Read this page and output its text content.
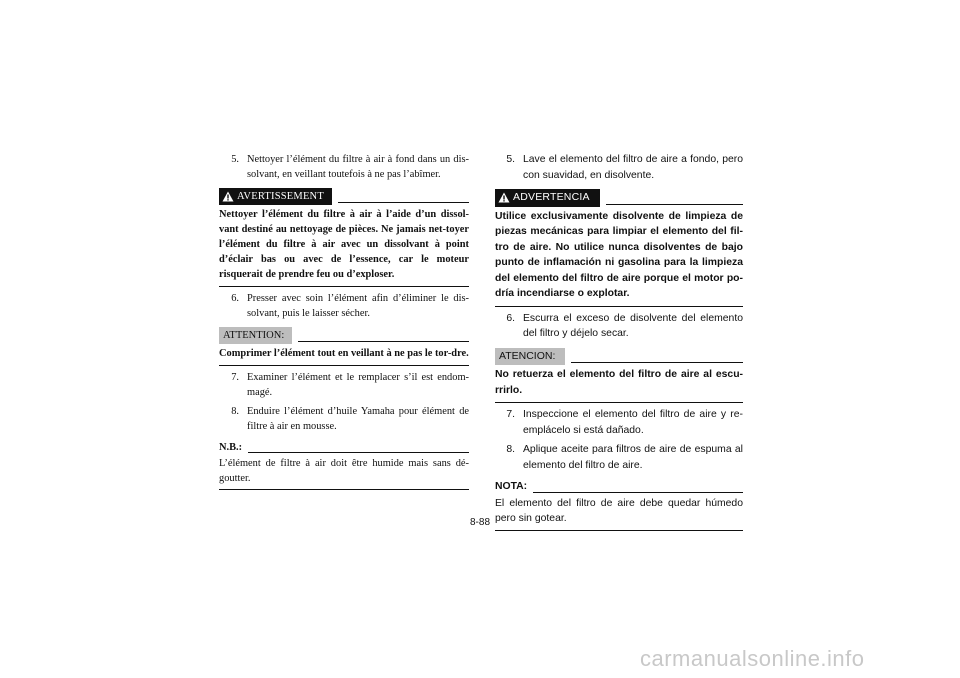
5. Nettoyer l’élément du filtre à air à fond dans un dis-solvant, en veillant toutefois à ne pas l’abîmer.
AVERTISSEMENT
Nettoyer l’élément du filtre à air à l’aide d’un dissol-vant destiné au nettoyage de pièces. Ne jamais net-toyer l’élément du filtre à air avec un dissolvant à point d’éclair bas ou avec de l’essence, car le moteur risquerait de prendre feu ou d’exploser.
6. Presser avec soin l’élément afin d’éliminer le dis-solvant, puis le laisser sécher.
ATTENTION:
Comprimer l’élément tout en veillant à ne pas le tor-dre.
7. Examiner l’élément et le remplacer s’il est endom-magé.
8. Enduire l’élément d’huile Yamaha pour élément de filtre à air en mousse.
N.B.:
L’élément de filtre à air doit être humide mais sans dé-goutter.
5. Lave el elemento del filtro de aire a fondo, pero con suavidad, en disolvente.
ADVERTENCIA
Utilice exclusivamente disolvente de limpieza de piezas mecánicas para limpiar el elemento del fil-tro de aire. No utilice nunca disolventes de bajo punto de inflamación ni gasolina para la limpieza del elemento del filtro de aire porque el motor po-dría incendiarse o explotar.
6. Escurra el exceso de disolvente del elemento del filtro y déjelo secar.
ATENCION:
No retuerza el elemento del filtro de aire al escu-rrirlo.
7. Inspeccione el elemento del filtro de aire y re-emplácelo si está dañado.
8. Aplique aceite para filtros de aire de espuma al elemento del filtro de aire.
NOTA:
El elemento del filtro de aire debe quedar húmedo pero sin gotear.
8-88
carmanualsonline.info
